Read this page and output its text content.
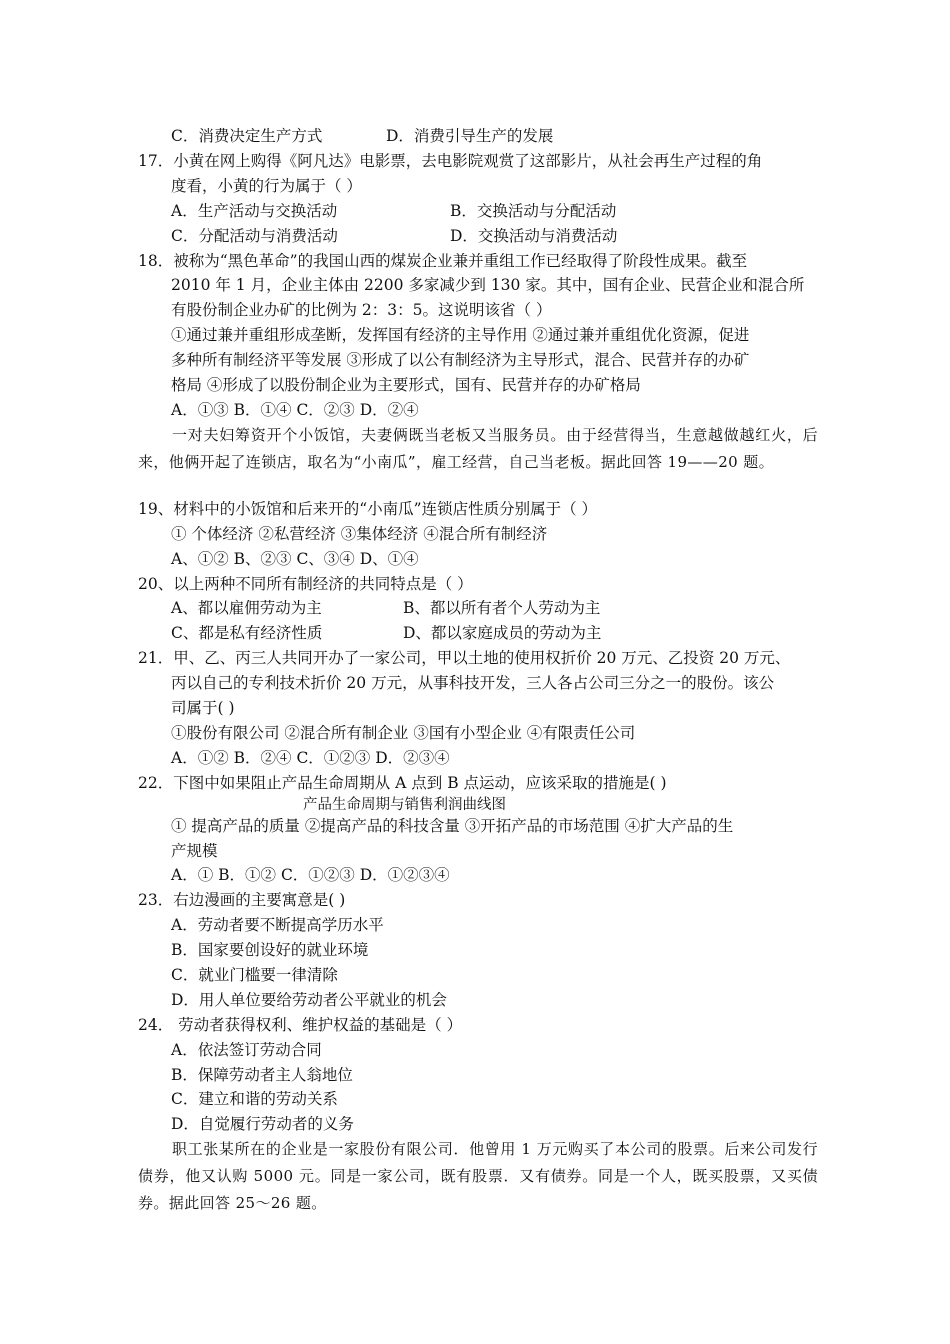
C．消费决定生产方式	D．消费引导生产的发展
17．小黄在网上购得《阿凡达》电影票，去电影院观赏了这部影片，从社会再生产过程的角
度看，小黄的行为属于（ ）
A．生产活动与交换活动	B．交换活动与分配活动
C．分配活动与消费活动	D．交换活动与消费活动
18．被称为“黑色革命”的我国山西的煤炭企业兼并重组工作已经取得了阶段性成果。截至
2010 年 1 月，企业主体由 2200 多家减少到 130 家。其中，国有企业、民营企业和混合所
有股份制企业办矿的比例为 2：3：5。这说明该省（ ）
①通过兼并重组形成垄断，发挥国有经济的主导作用 ②通过兼并重组优化资源，促进
多种所有制经济平等发展 ③形成了以公有制经济为主导形式，混合、民营并存的办矿
格局 ④形成了以股份制企业为主要形式，国有、民营并存的办矿格局
A．①③ B．①④ C．②③ D．②④
一对夫妇筹资开个小饭馆，夫妻俩既当老板又当服务员。由于经营得当，生意越做越红火，后来，他俩开起了连锁店，取名为“小南瓜”，雇工经营，自己当老板。据此回答 19——20 题。
19、材料中的小饭馆和后来开的“小南瓜”连锁店性质分别属于（ ）
① 个体经济 ②私营经济 ③集体经济 ④混合所有制经济
A、①② B、②③ C、③④ D、①④
20、以上两种不同所有制经济的共同特点是（ ）
A、都以雇佣劳动为主	B、都以所有者个人劳动为主
C、都是私有经济性质	D、都以家庭成员的劳动为主
21．甲、乙、丙三人共同开办了一家公司，甲以土地的使用权折价 20 万元、乙投资 20 万元、
丙以自己的专利技术折价 20 万元，从事科技开发，三人各占公司三分之一的股份。该公
司属于( )
①股份有限公司 ②混合所有制企业 ③国有小型企业 ④有限责任公司
A．①② B．②④ C．①②③ D．②③④
22．下图中如果阻止产品生命周期从 A 点到 B 点运动，应该采取的措施是( )
产品生命周期与销售利润曲线图
① 提高产品的质量 ②提高产品的科技含量 ③开拓产品的市场范围 ④扩大产品的生
产规模
A．① B．①② C．①②③ D．①②③④
23．右边漫画的主要寓意是( )
A．劳动者要不断提高学历水平
B．国家要创设好的就业环境
C．就业门槛要一律清除
D．用人单位要给劳动者公平就业的机会
24． 劳动者获得权利、维护权益的基础是（ ）
A．依法签订劳动合同
B．保障劳动者主人翁地位
C．建立和谐的劳动关系
D．自觉履行劳动者的义务
职工张某所在的企业是一家股份有限公司．他曾用 1 万元购买了本公司的股票。后来公司发行债券，他又认购 5000 元。同是一家公司，既有股票．又有债券。同是一个人，既买股票，又买债券。据此回答 25～26 题。
